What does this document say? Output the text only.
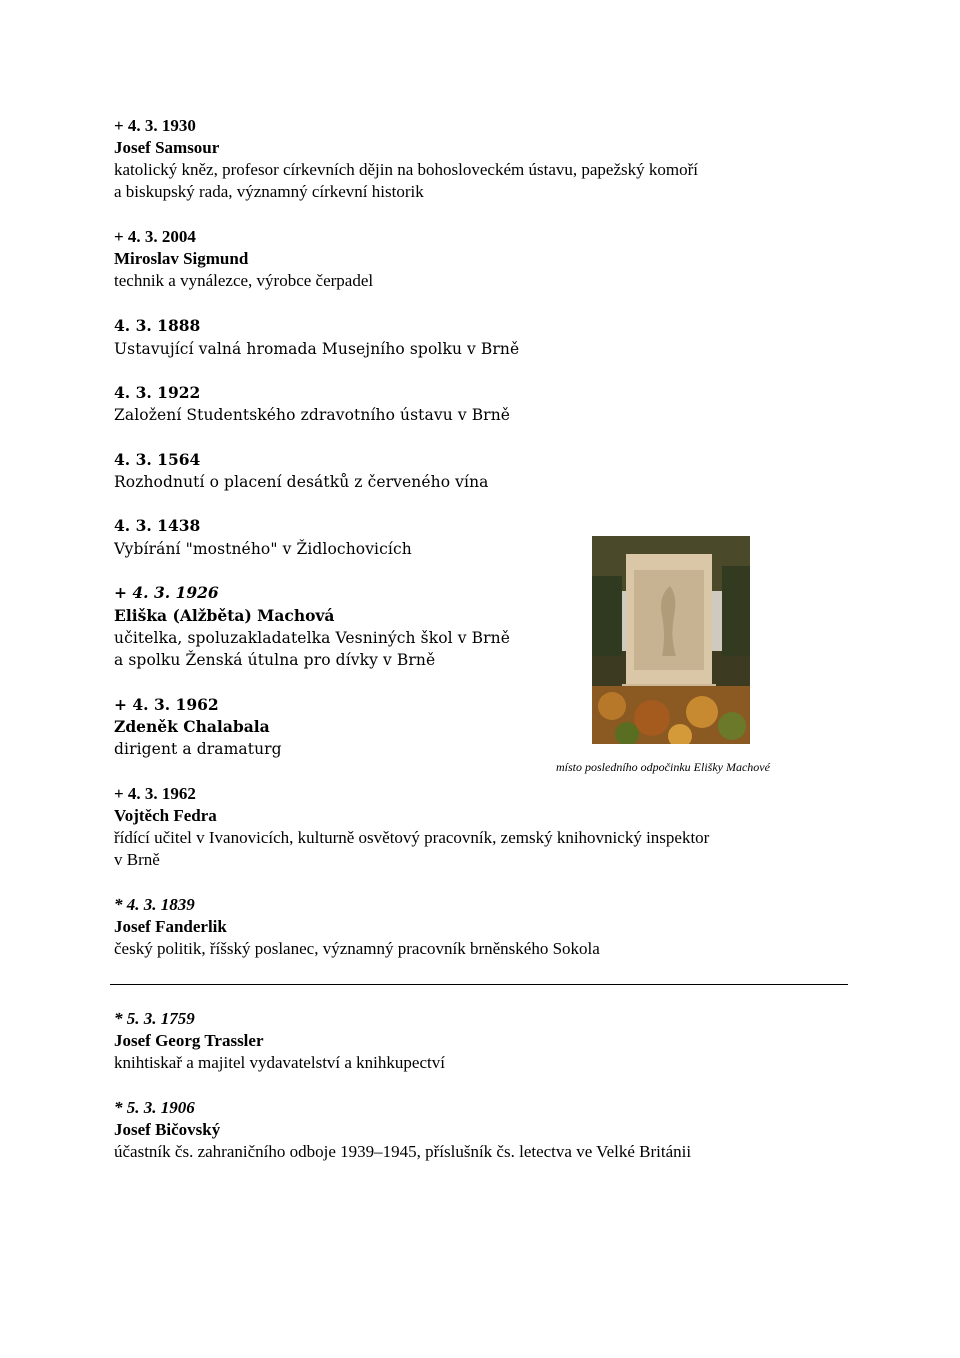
+ 4. 3. 1930
Josef Samsour
katolický kněz, profesor církevních dějin na bohosloveckém ústavu, papežský komoří
a biskupský rada, významný církevní historik
+ 4. 3. 2004
Miroslav Sigmund
technik a vynálezce, výrobce čerpadel
4. 3. 1888
Ustavující valná hromada Musejního spolku v Brně
4. 3. 1922
Založení Studentského zdravotního ústavu v Brně
4. 3. 1564
Rozhodnutí o placení desátků z červeného vína
4. 3. 1438
Vybírání "mostného" v Židlochovicích
+ 4. 3. 1926
Eliška (Alžběta) Machová
učitelka, spoluzakladatelka Vesniných škol v Brně
a spolku Ženská útulna pro dívky v Brně
+ 4. 3. 1962
Zdeněk Chalabala
dirigent a dramaturg
místo posledního odpočinku Elišky Machové
+ 4. 3. 1962
Vojtěch Fedra
řídící učitel v Ivanovicích, kulturně osvětový pracovník, zemský knihovnický inspektor
v Brně
* 4. 3. 1839
Josef Fanderlik
český politik, říšský poslanec, významný pracovník brněnského Sokola
* 5. 3. 1759
Josef Georg Trassler
knihtiskař a majitel vydavatelství a knihkupectví
* 5. 3. 1906
Josef Bičovský
účastník čs. zahraničního odboje 1939–1945, příslušník čs. letectva ve Velké Británii
